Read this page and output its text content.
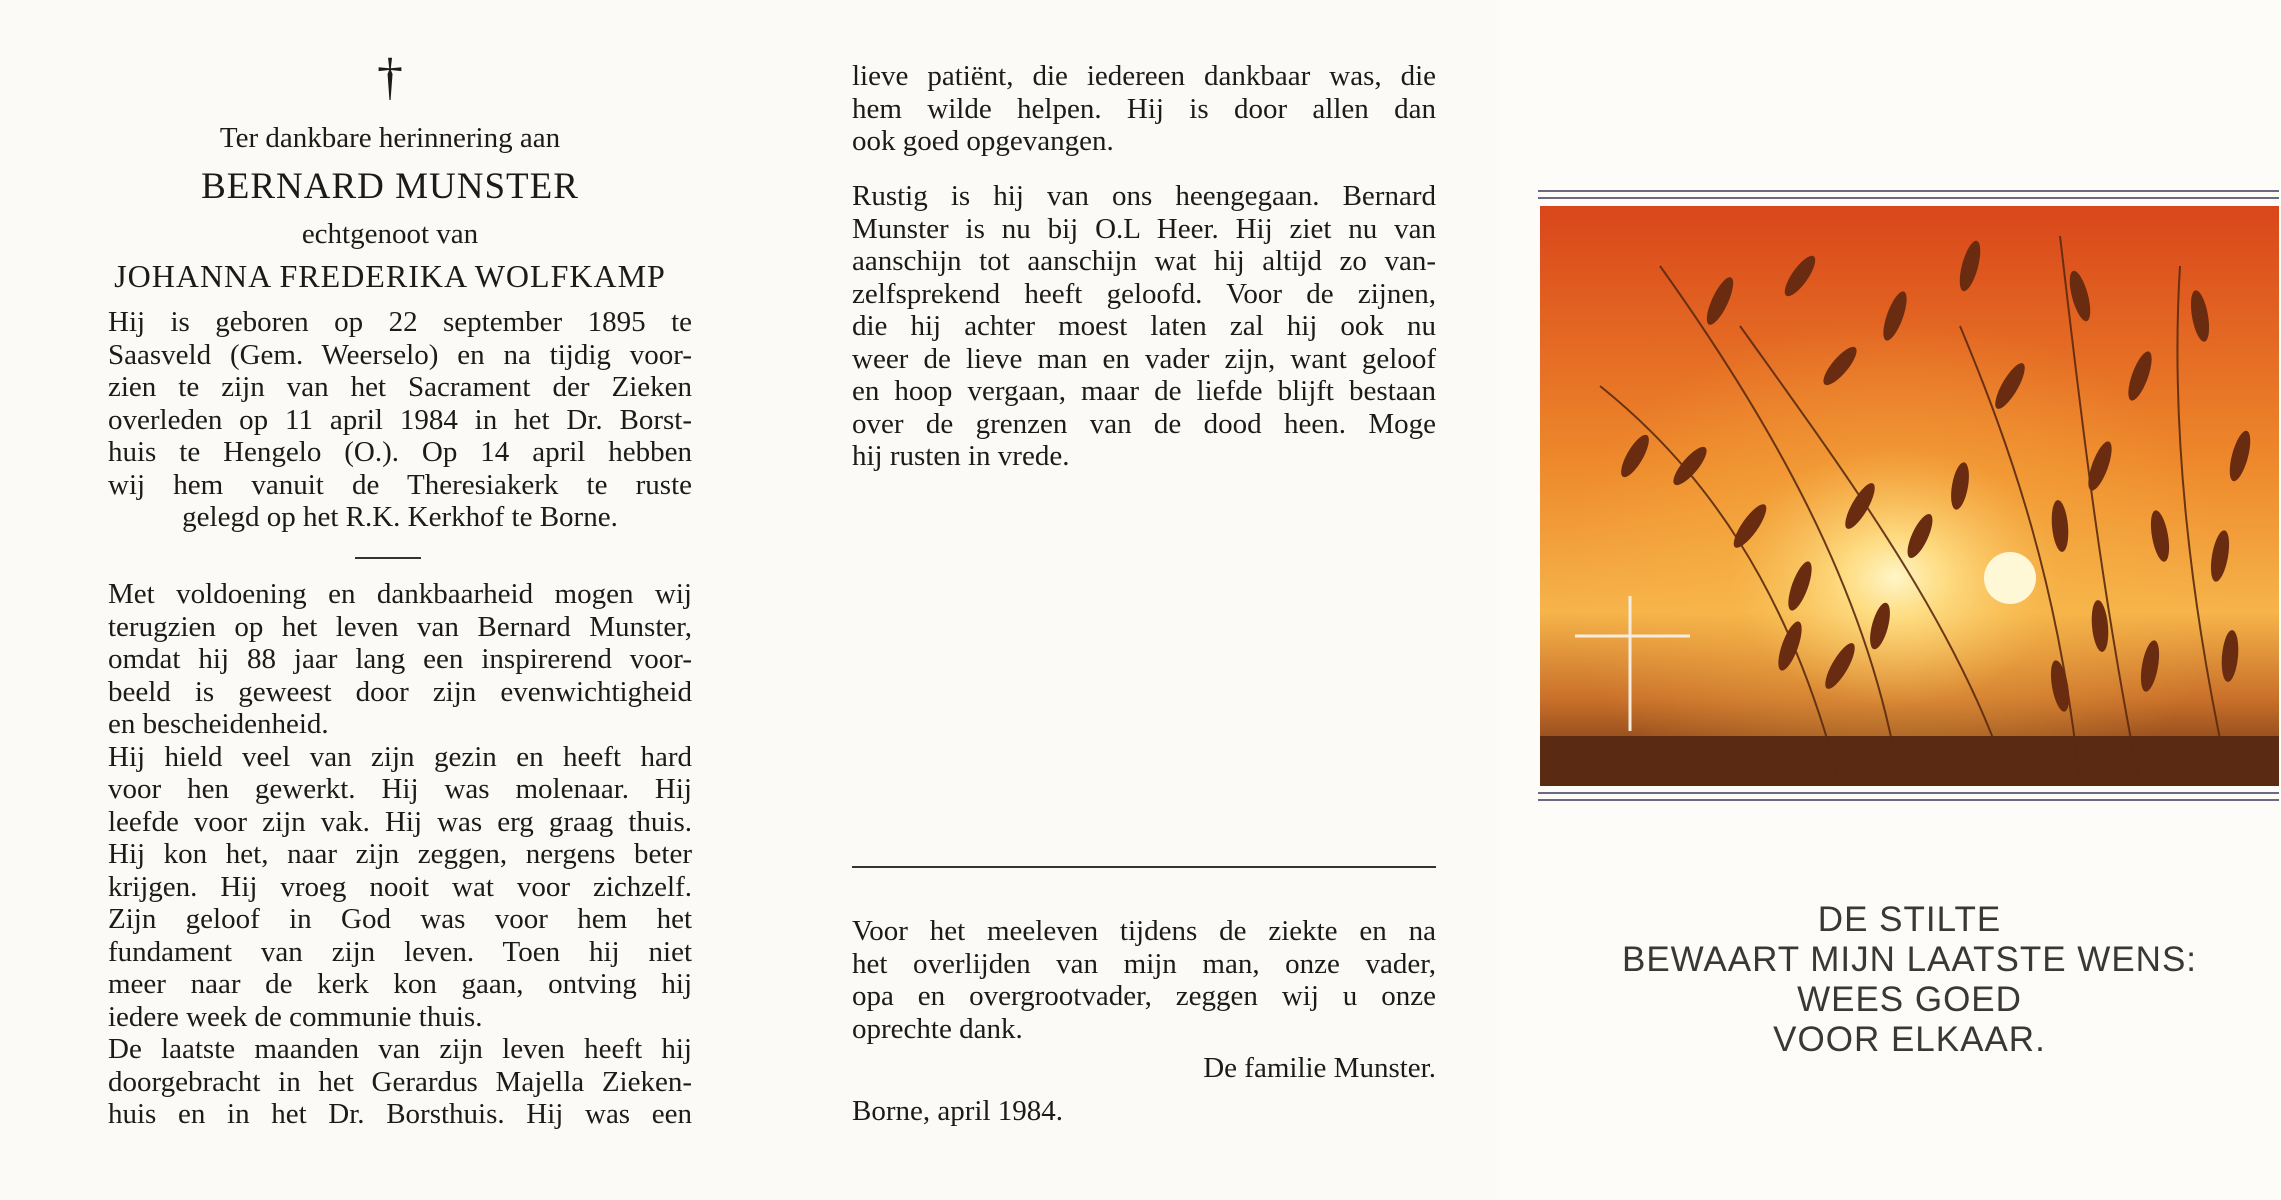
†
Ter dankbare herinnering aan
BERNARD MUNSTER
echtgenoot van
JOHANNA FREDERIKA WOLFKAMP
Hij is geboren op 22 september 1895 te
Saasveld (Gem. Weerselo) en na tijdig voor-
zien te zijn van het Sacrament der Zieken
overleden op 11 april 1984 in het Dr. Borst-
huis te Hengelo (O.). Op 14 april hebben
wij hem vanuit de Theresiakerk te ruste
gelegd op het R.K. Kerkhof te Borne.
Met voldoening en dankbaarheid mogen wij
terugzien op het leven van Bernard Munster,
omdat hij 88 jaar lang een inspirerend voor-
beeld is geweest door zijn evenwichtigheid
en bescheidenheid.
Hij hield veel van zijn gezin en heeft hard
voor hen gewerkt. Hij was molenaar. Hij
leefde voor zijn vak. Hij was erg graag thuis.
Hij kon het, naar zijn zeggen, nergens beter
krijgen. Hij vroeg nooit wat voor zichzelf.
Zijn geloof in God was voor hem het
fundament van zijn leven. Toen hij niet
meer naar de kerk kon gaan, ontving hij
iedere week de communie thuis.
De laatste maanden van zijn leven heeft hij
doorgebracht in het Gerardus Majella Zieken-
huis en in het Dr. Borsthuis. Hij was een
lieve patiënt, die iedereen dankbaar was, die
hem wilde helpen. Hij is door allen dan
ook goed opgevangen.
Rustig is hij van ons heengegaan. Bernard
Munster is nu bij O.L Heer. Hij ziet nu van
aanschijn tot aanschijn wat hij altijd zo van-
zelfsprekend heeft geloofd. Voor de zijnen,
die hij achter moest laten zal hij ook nu
weer de lieve man en vader zijn, want geloof
en hoop vergaan, maar de liefde blijft bestaan
over de grenzen van de dood heen. Moge
hij rusten in vrede.
Voor het meeleven tijdens de ziekte en na
het overlijden van mijn man, onze vader,
opa en overgrootvader, zeggen wij u onze
oprechte dank.
De familie Munster.
Borne, april 1984.
DE STILTE
BEWAART MIJN LAATSTE WENS:
WEES GOED
VOOR ELKAAR.
